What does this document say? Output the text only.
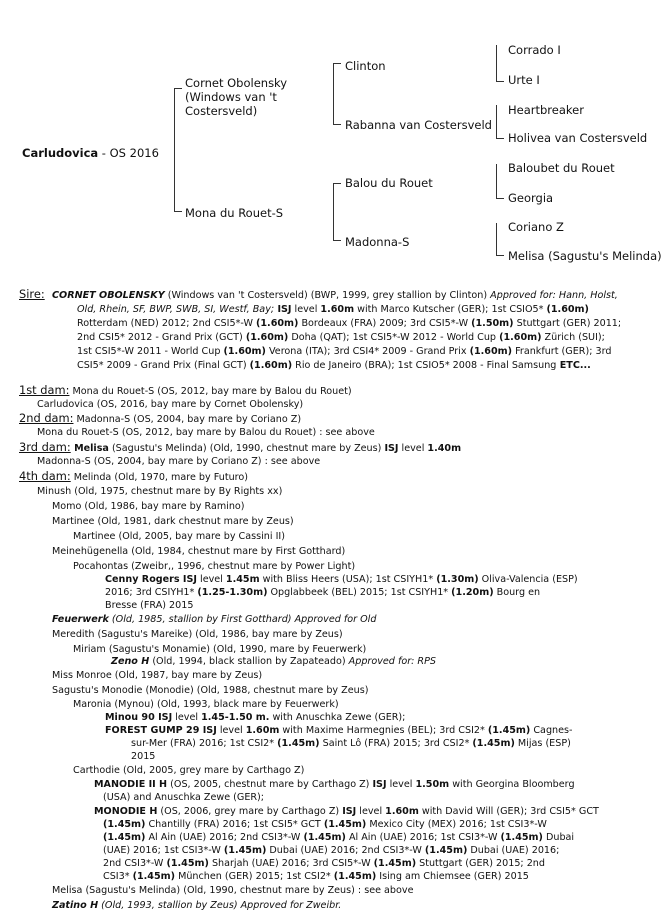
Carludovica - OS 2016
Cornet Obolensky (Windows van 't Costersveld)
Mona du Rouet-S
Clinton
Rabanna van Costersveld
Balou du Rouet
Madonna-S
Corrado I
Urte I
Heartbreaker
Holivea van Costersveld
Baloubet du Rouet
Georgia
Coriano Z
Melisa (Sagustu's Melinda)
Sire: CORNET OBOLENSKY (Windows van 't Costersveld) (BWP, 1999, grey stallion by Clinton) Approved for: Hann, Holst,
Old, Rhein, SF, BWP, SWB, SI, Westf, Bay; ISJ level 1.60m with Marco Kutscher (GER); 1st CSIO5* (1.60m)
Rotterdam (NED) 2012; 2nd CSI5*-W (1.60m) Bordeaux (FRA) 2009; 3rd CSI5*-W (1.50m) Stuttgart (GER) 2011;
2nd CSI5* 2012 - Grand Prix (GCT) (1.60m) Doha (QAT); 1st CSI5*-W 2012 - World Cup (1.60m) Zürich (SUI);
1st CSI5*-W 2011 - World Cup (1.60m) Verona (ITA); 3rd CSI4* 2009 - Grand Prix (1.60m) Frankfurt (GER); 3rd
CSI5* 2009 - Grand Prix (Final GCT) (1.60m) Rio de Janeiro (BRA); 1st CSIO5* 2008 - Final Samsung ETC...
1st dam: Mona du Rouet-S (OS, 2012, bay mare by Balou du Rouet)
Carludovica (OS, 2016, bay mare by Cornet Obolensky)
2nd dam: Madonna-S (OS, 2004, bay mare by Coriano Z)
Mona du Rouet-S (OS, 2012, bay mare by Balou du Rouet) : see above
3rd dam: Melisa (Sagustu's Melinda) (Old, 1990, chestnut mare by Zeus) ISJ level 1.40m
Madonna-S (OS, 2004, bay mare by Coriano Z) : see above
4th dam: Melinda (Old, 1970, mare by Futuro)
Minush (Old, 1975, chestnut mare by By Rights xx)
Momo (Old, 1986, bay mare by Ramino)
Martinee (Old, 1981, dark chestnut mare by Zeus)
Martinee (Old, 2005, bay mare by Cassini II)
Meinehügenella (Old, 1984, chestnut mare by First Gotthard)
Pocahontas (Zweibr,, 1996, chestnut mare by Power Light)
Cenny Rogers ISJ level 1.45m with Bliss Heers (USA); 1st CSIYH1* (1.30m) Oliva-Valencia (ESP)
2016; 3rd CSIYH1* (1.25-1.30m) Opglabbeek (BEL) 2015; 1st CSIYH1* (1.20m) Bourg en
Bresse (FRA) 2015
Feuerwerk (Old, 1985, stallion by First Gotthard) Approved for Old
Meredith (Sagustu's Mareike) (Old, 1986, bay mare by Zeus)
Miriam (Sagustu's Monamie) (Old, 1990, mare by Feuerwerk)
Zeno H (Old, 1994, black stallion by Zapateado) Approved for: RPS
Miss Monroe (Old, 1987, bay mare by Zeus)
Sagustu's Monodie (Monodie) (Old, 1988, chestnut mare by Zeus)
Maronia (Mynou) (Old, 1993, black mare by Feuerwerk)
Minou 90 ISJ level 1.45-1.50 m. with Anuschka Zewe (GER);
FOREST GUMP 29 ISJ level 1.60m with Maxime Harmegnies (BEL); 3rd CSI2* (1.45m) Cagnes-
sur-Mer (FRA) 2016; 1st CSI2* (1.45m) Saint Lô (FRA) 2015; 3rd CSI2* (1.45m) Mijas (ESP)
2015
Carthodie (Old, 2005, grey mare by Carthago Z)
MANODIE II H (OS, 2005, chestnut mare by Carthago Z) ISJ level 1.50m with Georgina Bloomberg
(USA) and Anuschka Zewe (GER);
MONODIE H (OS, 2006, grey mare by Carthago Z) ISJ level 1.60m with David Will (GER); 3rd CSI5* GCT
(1.45m) Chantilly (FRA) 2016; 1st CSI5* GCT (1.45m) Mexico City (MEX) 2016; 1st CSI3*-W
(1.45m) Al Ain (UAE) 2016; 2nd CSI3*-W (1.45m) Al Ain (UAE) 2016; 1st CSI3*-W (1.45m) Dubai
(UAE) 2016; 1st CSI3*-W (1.45m) Dubai (UAE) 2016; 2nd CSI3*-W (1.45m) Dubai (UAE) 2016;
2nd CSI3*-W (1.45m) Sharjah (UAE) 2016; 3rd CSI5*-W (1.45m) Stuttgart (GER) 2015; 2nd
CSI3* (1.45m) München (GER) 2015; 1st CSI2* (1.45m) Ising am Chiemsee (GER) 2015
Melisa (Sagustu's Melinda) (Old, 1990, chestnut mare by Zeus) : see above
Zatino H (Old, 1993, stallion by Zeus) Approved for Zweibr.
